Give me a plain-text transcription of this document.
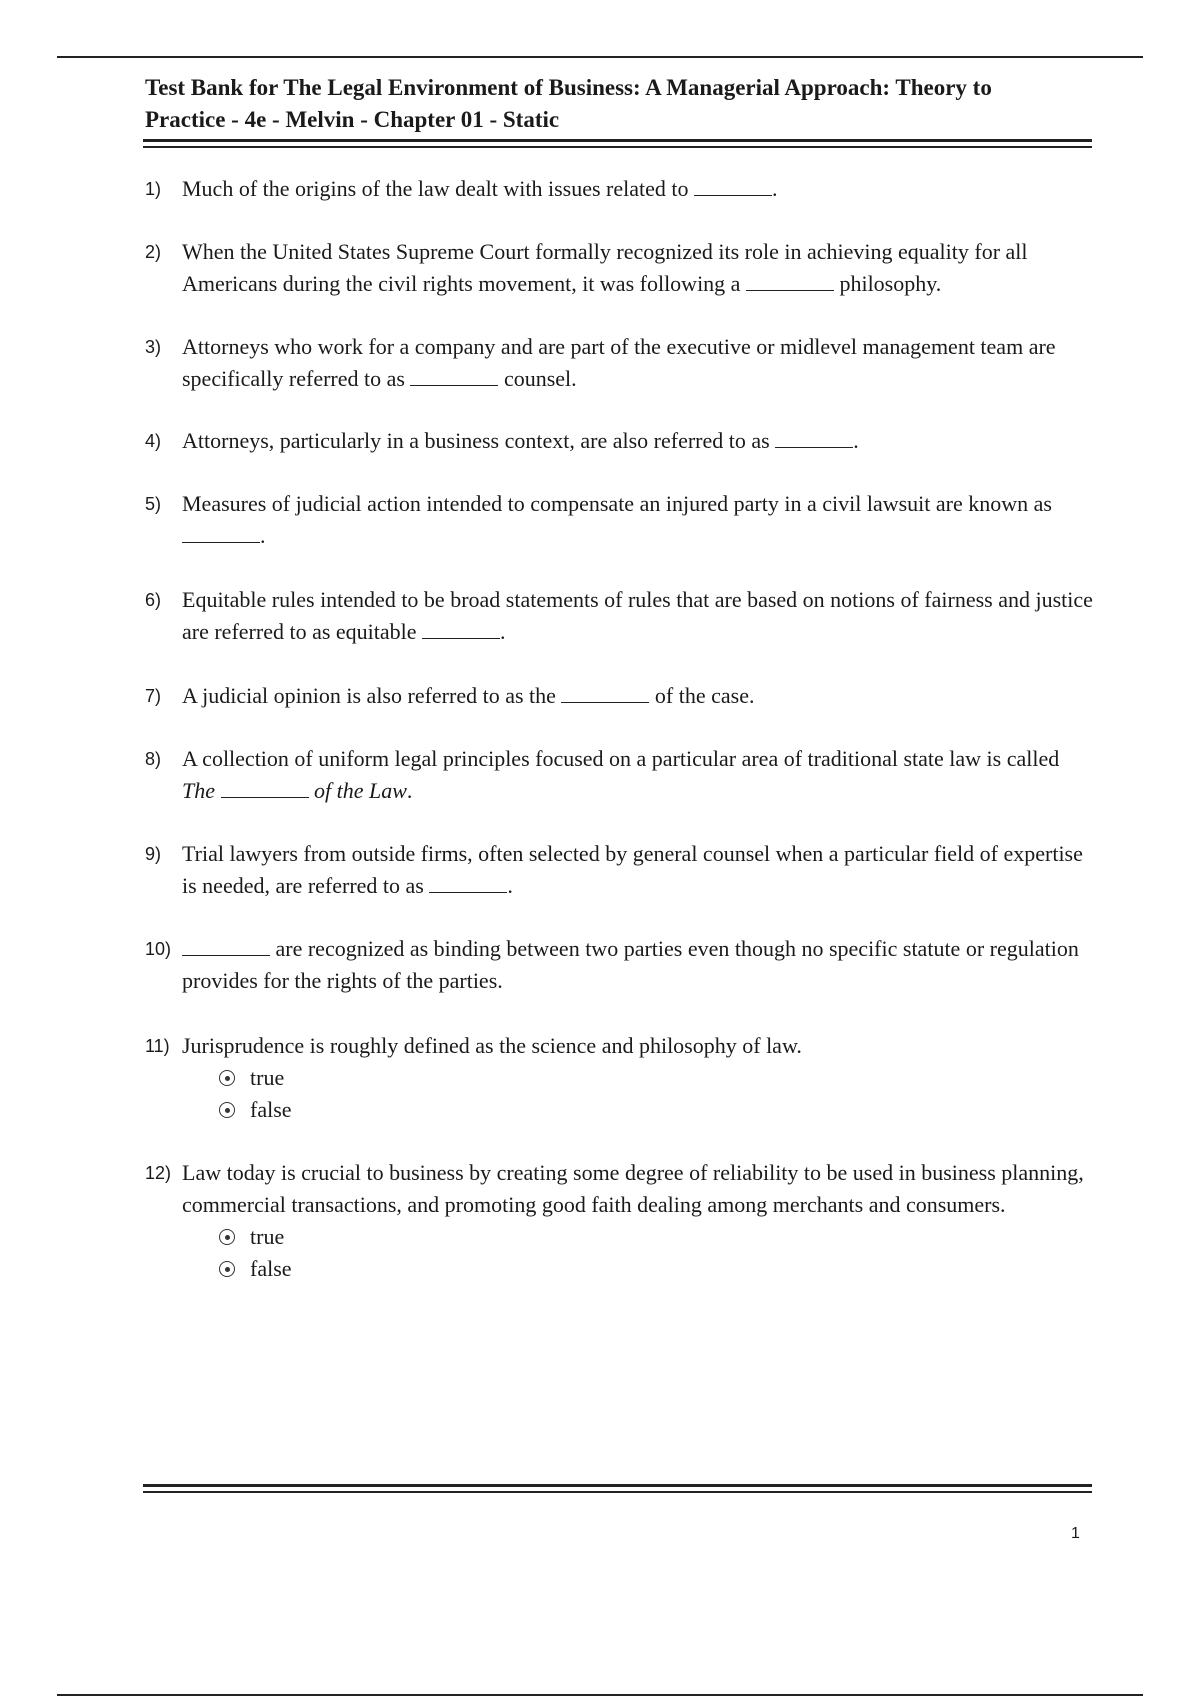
Test Bank for The Legal Environment of Business: A Managerial Approach: Theory to
Practice - 4e - Melvin - Chapter 01 - Static
1) Much of the origins of the law dealt with issues related to	.
2) When the United States Supreme Court formally recognized its role in achieving equality for all Americans during the civil rights movement, it was following a	philosophy.
3) Attorneys who work for a company and are part of the executive or midlevel management team are specifically referred to as	counsel.
4) Attorneys, particularly in a business context, are also referred to as	.
5) Measures of judicial action intended to compensate an injured party in a civil lawsuit are known as .
6) Equitable rules intended to be broad statements of rules that are based on notions of fairness and justice are referred to as equitable	.
7) A judicial opinion is also referred to as the	of the case.
8) A collection of uniform legal principles focused on a particular area of traditional state law is called The	of the Law.
9) Trial lawyers from outside firms, often selected by general counsel when a particular field of expertise is needed, are referred to as	.
10)	are recognized as binding between two parties even though no specific statute or regulation provides for the rights of the parties.
11) Jurisprudence is roughly defined as the science and philosophy of law.
true
false
12) Law today is crucial to business by creating some degree of reliability to be used in business planning, commercial transactions, and promoting good faith dealing among merchants and consumers.
true
false
1
